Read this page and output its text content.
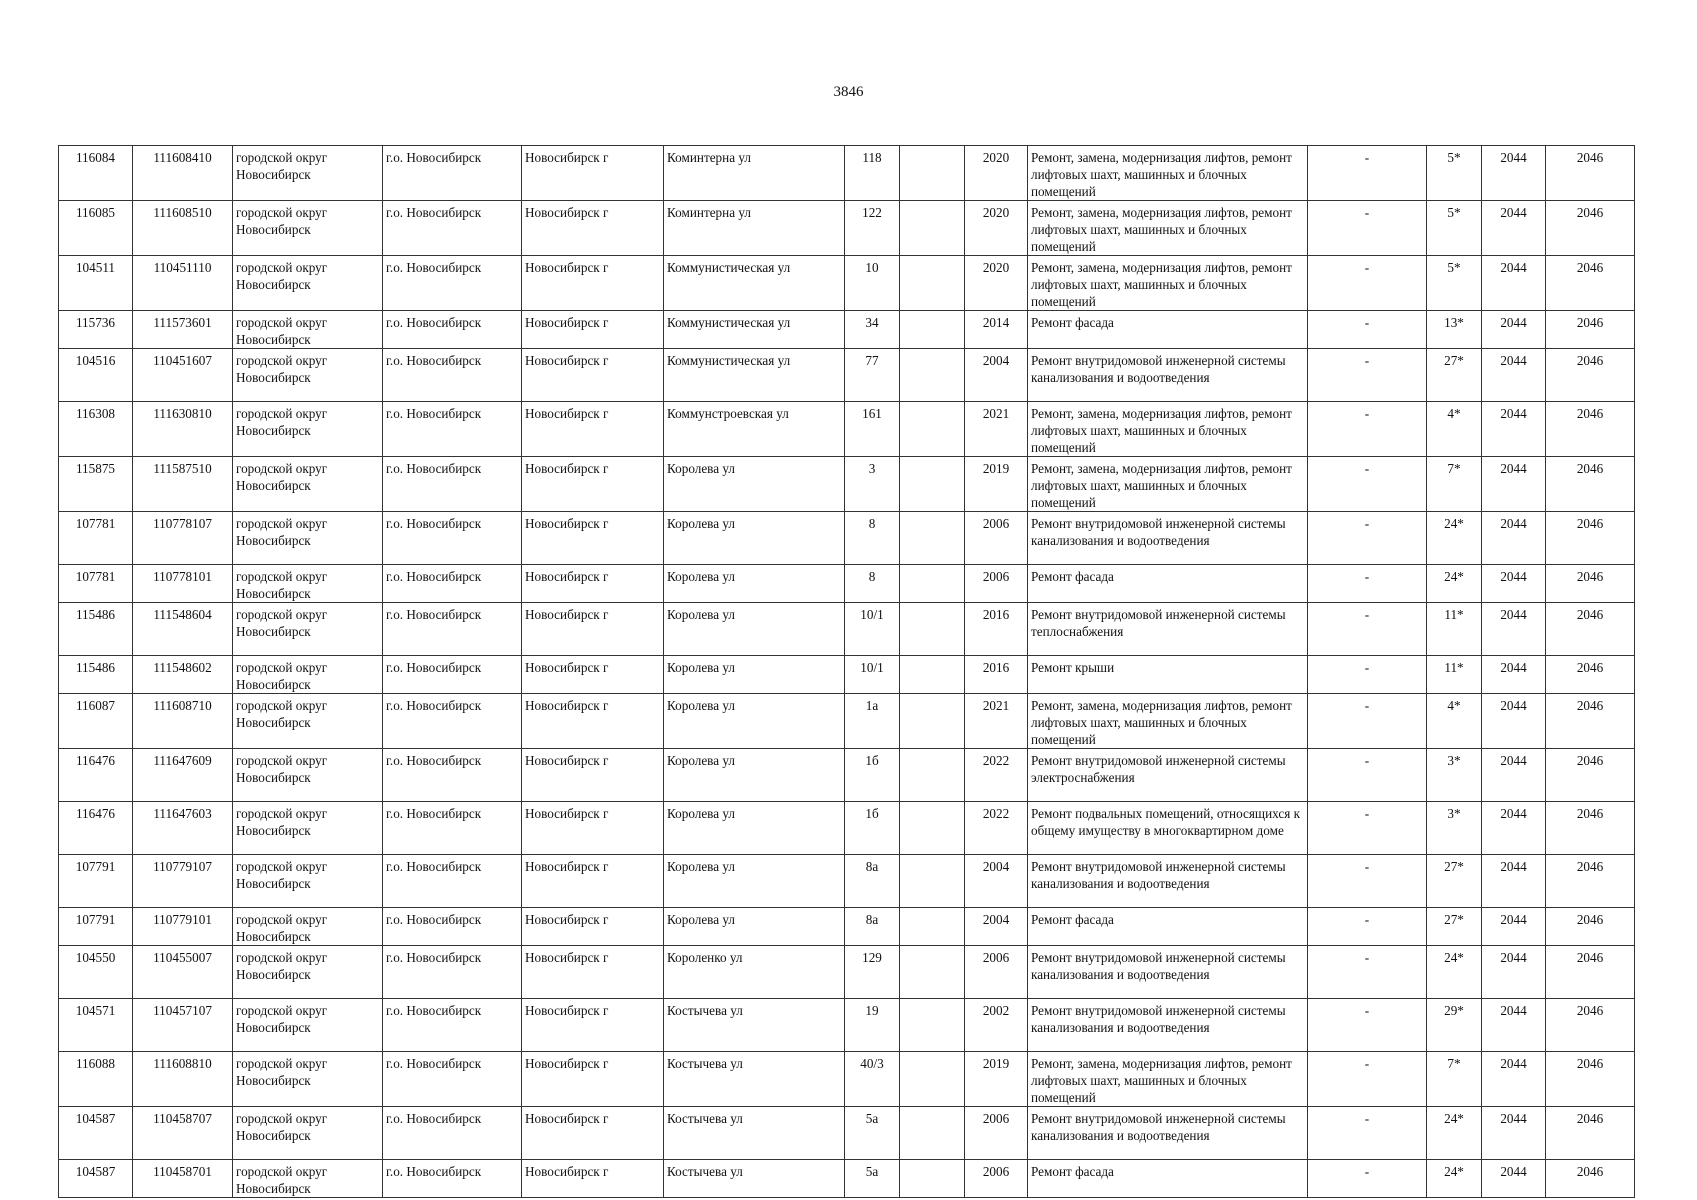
3846
116084	111608410	городской округ Новосибирск	г.о. Новосибирск	Новосибирск г	Коминтерна ул	118		2020	Ремонт, замена, модернизация лифтов, ремонт лифтовых шахт, машинных и блочных помещений	-	5*	2044	2046
116085	111608510	городской округ Новосибирск	г.о. Новосибирск	Новосибирск г	Коминтерна ул	122		2020	Ремонт, замена, модернизация лифтов, ремонт лифтовых шахт, машинных и блочных помещений	-	5*	2044	2046
104511	110451110	городской округ Новосибирск	г.о. Новосибирск	Новосибирск г	Коммунистическая ул	10		2020	Ремонт, замена, модернизация лифтов, ремонт лифтовых шахт, машинных и блочных помещений	-	5*	2044	2046
115736	111573601	городской округ Новосибирск	г.о. Новосибирск	Новосибирск г	Коммунистическая ул	34		2014	Ремонт фасада	-	13*	2044	2046
104516	110451607	городской округ Новосибирск	г.о. Новосибирск	Новосибирск г	Коммунистическая ул	77		2004	Ремонт внутридомовой инженерной системы канализования и водоотведения	-	27*	2044	2046
116308	111630810	городской округ Новосибирск	г.о. Новосибирск	Новосибирск г	Коммунстроевская ул	161		2021	Ремонт, замена, модернизация лифтов, ремонт лифтовых шахт, машинных и блочных помещений	-	4*	2044	2046
115875	111587510	городской округ Новосибирск	г.о. Новосибирск	Новосибирск г	Королева ул	3		2019	Ремонт, замена, модернизация лифтов, ремонт лифтовых шахт, машинных и блочных помещений	-	7*	2044	2046
107781	110778107	городской округ Новосибирск	г.о. Новосибирск	Новосибирск г	Королева ул	8		2006	Ремонт внутридомовой инженерной системы канализования и водоотведения	-	24*	2044	2046
107781	110778101	городской округ Новосибирск	г.о. Новосибирск	Новосибирск г	Королева ул	8		2006	Ремонт фасада	-	24*	2044	2046
115486	111548604	городской округ Новосибирск	г.о. Новосибирск	Новосибирск г	Королева ул	10/1		2016	Ремонт внутридомовой инженерной системы теплоснабжения	-	11*	2044	2046
115486	111548602	городской округ Новосибирск	г.о. Новосибирск	Новосибирск г	Королева ул	10/1		2016	Ремонт крыши	-	11*	2044	2046
116087	111608710	городской округ Новосибирск	г.о. Новосибирск	Новосибирск г	Королева ул	1а		2021	Ремонт, замена, модернизация лифтов, ремонт лифтовых шахт, машинных и блочных помещений	-	4*	2044	2046
116476	111647609	городской округ Новосибирск	г.о. Новосибирск	Новосибирск г	Королева ул	1б		2022	Ремонт внутридомовой инженерной системы электроснабжения	-	3*	2044	2046
116476	111647603	городской округ Новосибирск	г.о. Новосибирск	Новосибирск г	Королева ул	1б		2022	Ремонт подвальных помещений, относящихся к общему имуществу в многоквартирном доме	-	3*	2044	2046
107791	110779107	городской округ Новосибирск	г.о. Новосибирск	Новосибирск г	Королева ул	8а		2004	Ремонт внутридомовой инженерной системы канализования и водоотведения	-	27*	2044	2046
107791	110779101	городской округ Новосибирск	г.о. Новосибирск	Новосибирск г	Королева ул	8а		2004	Ремонт фасада	-	27*	2044	2046
104550	110455007	городской округ Новосибирск	г.о. Новосибирск	Новосибирск г	Короленко ул	129		2006	Ремонт внутридомовой инженерной системы канализования и водоотведения	-	24*	2044	2046
104571	110457107	городской округ Новосибирск	г.о. Новосибирск	Новосибирск г	Костычева ул	19		2002	Ремонт внутридомовой инженерной системы канализования и водоотведения	-	29*	2044	2046
116088	111608810	городской округ Новосибирск	г.о. Новосибирск	Новосибирск г	Костычева ул	40/3		2019	Ремонт, замена, модернизация лифтов, ремонт лифтовых шахт, машинных и блочных помещений	-	7*	2044	2046
104587	110458707	городской округ Новосибирск	г.о. Новосибирск	Новосибирск г	Костычева ул	5а		2006	Ремонт внутридомовой инженерной системы канализования и водоотведения	-	24*	2044	2046
104587	110458701	городской округ Новосибирск	г.о. Новосибирск	Новосибирск г	Костычева ул	5а		2006	Ремонт фасада	-	24*	2044	2046
